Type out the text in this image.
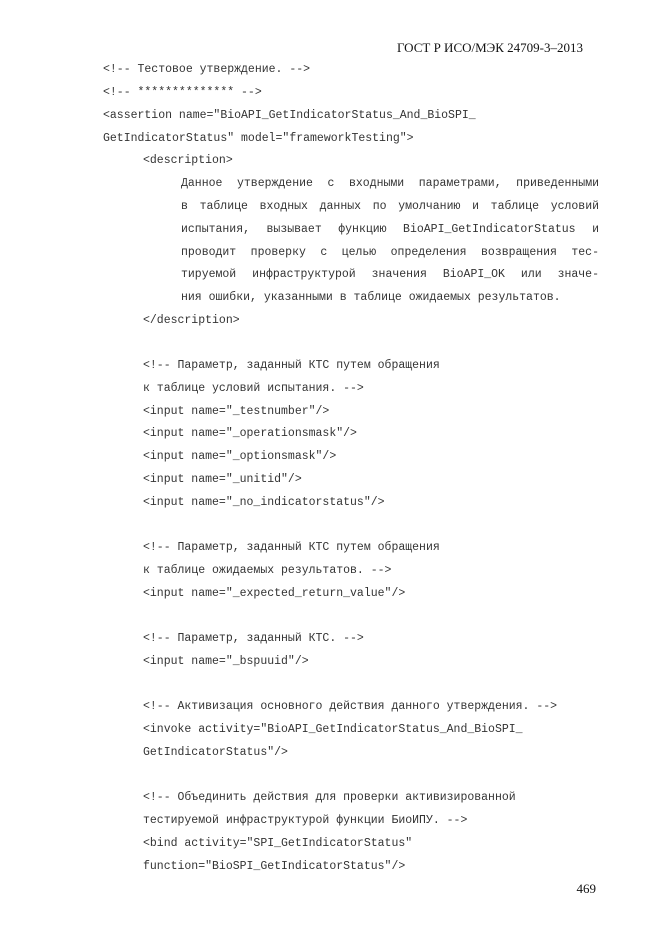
ГОСТ Р ИСО/МЭК 24709-3–2013
<!-- Тестовое утверждение. -->
<!-- ************** -->
<assertion name="BioAPI_GetIndicatorStatus_And_BioSPI_
GetIndicatorStatus" model="frameworkTesting">
<description>
Данное утверждение с входными параметрами, приведенными
в таблице входных данных по умолчанию и таблице условий
испытания, вызывает функцию BioAPI_GetIndicatorStatus и
проводит проверку с целью определения возвращения тес-
тируемой инфраструктурой значения BioAPI_OK или значе-
ния ошибки, указанными в таблице ожидаемых результатов.
</description>
<!-- Параметр, заданный КТС путем обращения
к таблице условий испытания. -->
<input name="_testnumber"/>
<input name="_operationsmask"/>
<input name="_optionsmask"/>
<input name="_unitid"/>
<input name="_no_indicatorstatus"/>
<!-- Параметр, заданный КТС путем обращения
к таблице ожидаемых результатов. -->
<input name="_expected_return_value"/>
<!-- Параметр, заданный КТС. -->
<input name="_bspuuid"/>
<!-- Активизация основного действия данного утверждения. -->
<invoke activity="BioAPI_GetIndicatorStatus_And_BioSPI_
GetIndicatorStatus"/>
<!-- Объединить действия для проверки активизированной
тестируемой инфраструктурой функции БиоИПУ. -->
<bind activity="SPI_GetIndicatorStatus"
function="BioSPI_GetIndicatorStatus"/>
469
